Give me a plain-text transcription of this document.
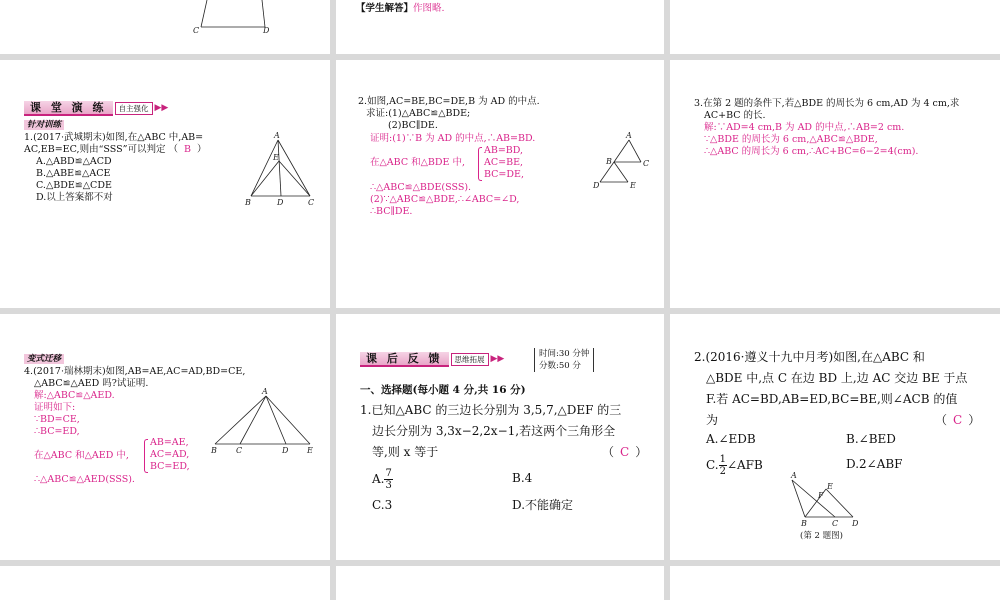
C	D
【学生解答】作图略.
课 堂 演 练	自主强化 ▶▶
针对训练
1.(2017·武城期末)如图,在△ABC 中,AB=
AC,EB=EC,则由“SSS”可以判定 （ B ）
A.△ABD≌△ACD
B.△ABE≌△ACE
C.△BDE≌△CDE
D.以上答案都不对
A
E
B	D	C
2.如图,AC=BE,BC=DE,B 为 AD 的中点.
求证:(1)△ABC≌△BDE;
(2)BC∥DE.
证明:(1)∵B 为 AD 的中点,∴AB=BD.
在△ABC 和△BDE 中,
AB=BD,
AC=BE,
BC=DE,
∴△ABC≌△BDE(SSS).
(2)∵△ABC≌△BDE,∴∠ABC=∠D,
∴BC∥DE.
A
B	C
D	E
3.在第 2 题的条件下,若△BDE 的周长为 6 cm,AD 为 4 cm,求
AC+BC 的长.
解:∵AD=4 cm,B 为 AD 的中点,∴AB=2 cm.
∵△BDE 的周长为 6 cm,△ABC≌△BDE,
∴△ABC 的周长为 6 cm,∴AC+BC=6−2=4(cm).
变式迁移
4.(2017·瑞林期末)如图,AB=AE,AC=AD,BD=CE,
△ABC≌△AED 吗?试证明.
解:△ABC≌△AED.
证明如下:
∵BD=CE,
∴BC=ED,
在△ABC 和△AED 中,
AB=AE,
AC=AD,
BC=ED,
∴△ABC≌△AED(SSS).
A
B C	D E
课 后 反 馈	思维拓展 ▶▶	时间:30 分钟
分数:50 分
一、选择题(每小题 4 分,共 16 分)
1.已知△ABC 的三边长分别为 3,5,7,△DEF 的三
边长分别为 3,3x−2,2x−1,若这两个三角形全
等,则 x 等于	（ C ）
A. $\frac{7}{3}$	B.4
C.3	D.不能确定
2.(2016·遵义十九中月考)如图,在△ABC 和
△BDE 中,点 C 在边 BD 上,边 AC 交边 BE 于点
F.若 AC=BD,AB=ED,BC=BE,则∠ACB 的值
为	（ C ）
A.∠EDB	B.∠BED
C. $\frac{1}{2}$ ∠AFB	D.2∠ABF
A
E
F
B	C D
(第 2 题图)
